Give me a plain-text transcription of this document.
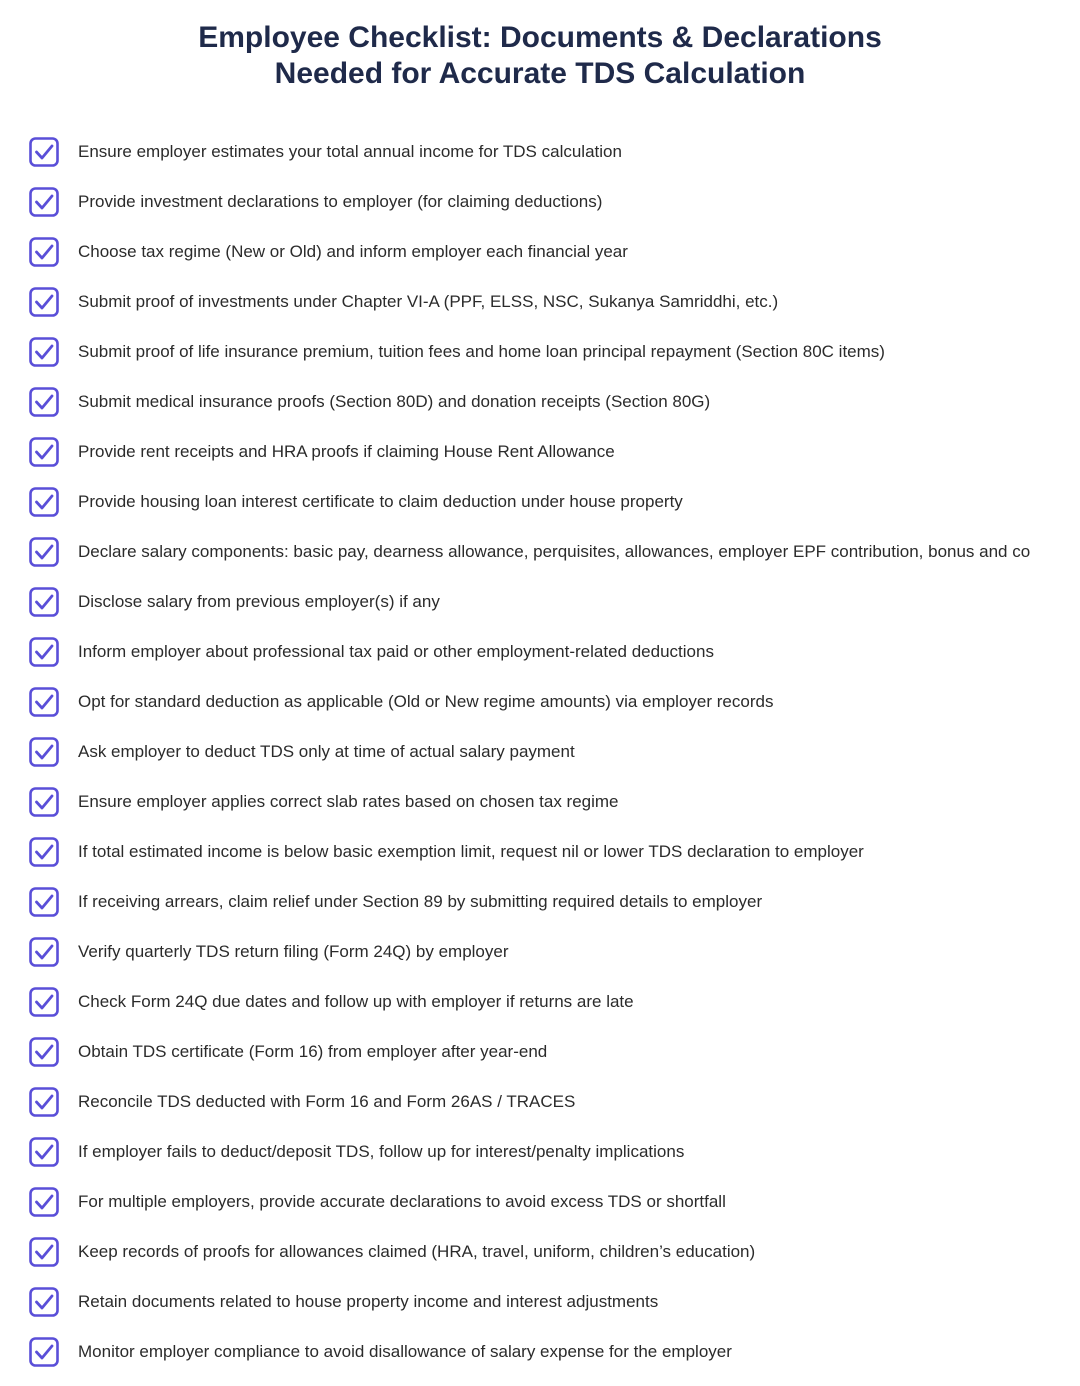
Employee Checklist: Documents & Declarations
Needed for Accurate TDS Calculation
Ensure employer estimates your total annual income for TDS calculation
Provide investment declarations to employer (for claiming deductions)
Choose tax regime (New or Old) and inform employer each financial year
Submit proof of investments under Chapter VI-A (PPF, ELSS, NSC, Sukanya Samriddhi, etc.)
Submit proof of life insurance premium, tuition fees and home loan principal repayment (Section 80C items)
Submit medical insurance proofs (Section 80D) and donation receipts (Section 80G)
Provide rent receipts and HRA proofs if claiming House Rent Allowance
Provide housing loan interest certificate to claim deduction under house property
Declare salary components: basic pay, dearness allowance, perquisites, allowances, employer EPF contribution, bonus and co
Disclose salary from previous employer(s) if any
Inform employer about professional tax paid or other employment-related deductions
Opt for standard deduction as applicable (Old or New regime amounts) via employer records
Ask employer to deduct TDS only at time of actual salary payment
Ensure employer applies correct slab rates based on chosen tax regime
If total estimated income is below basic exemption limit, request nil or lower TDS declaration to employer
If receiving arrears, claim relief under Section 89 by submitting required details to employer
Verify quarterly TDS return filing (Form 24Q) by employer
Check Form 24Q due dates and follow up with employer if returns are late
Obtain TDS certificate (Form 16) from employer after year-end
Reconcile TDS deducted with Form 16 and Form 26AS / TRACES
If employer fails to deduct/deposit TDS, follow up for interest/penalty implications
For multiple employers, provide accurate declarations to avoid excess TDS or shortfall
Keep records of proofs for allowances claimed (HRA, travel, uniform, children’s education)
Retain documents related to house property income and interest adjustments
Monitor employer compliance to avoid disallowance of salary expense for the employer
